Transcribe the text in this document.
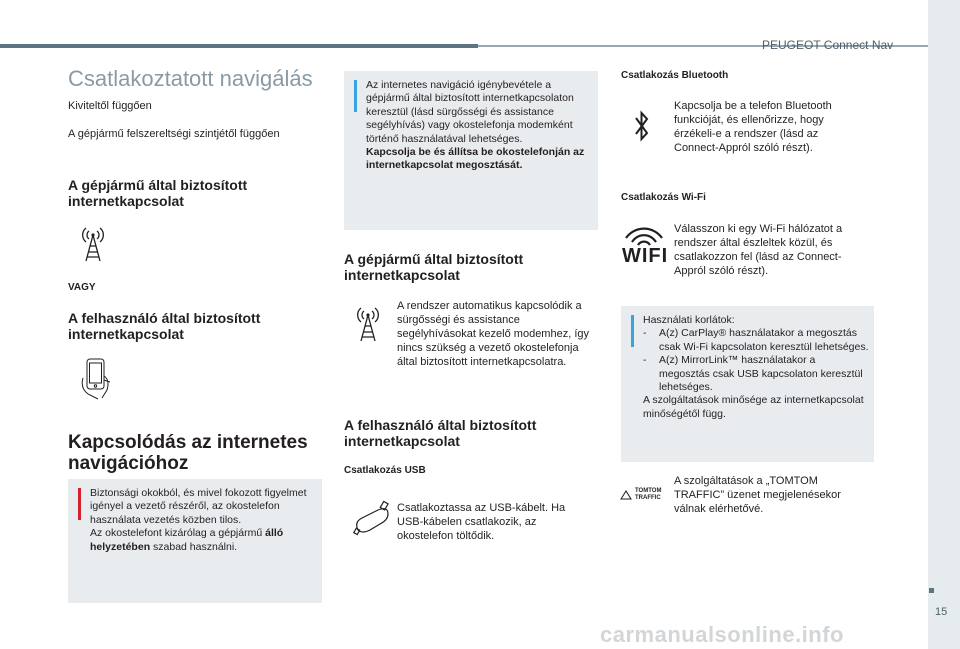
PEUGEOT Connect Nav
15
carmanualsonline.info
Csatlakoztatott navigálás
Kiviteltől függően
A gépjármű felszereltségi szintjétől függően
A gépjármű által biztosított internetkapcsolat
VAGY
A felhasználó által biztosított internetkapcsolat
Kapcsolódás az internetes navigációhoz
Biztonsági okokból, és mivel fokozott figyelmet igényel a vezető részéről, az okostelefon használata vezetés közben tilos.
Az okostelefont kizárólag a gépjármű álló helyzetében szabad használni.
Az internetes navigáció igénybevétele a gépjármű által biztosított internetkapcsolaton keresztül (lásd sürgősségi és assistance segélyhívás) vagy okostelefonja modemként történő használatával lehetséges.
Kapcsolja be és állítsa be okostelefonján az internetkapcsolat megosztását.
A gépjármű által biztosított internetkapcsolat
A rendszer automatikus kapcsolódik a sürgősségi és assistance segélyhívásokat kezelő modemhez, így nincs szükség a vezető okostelefonja által biztosított internetkapcsolatra.
A felhasználó által biztosított internetkapcsolat
Csatlakozás USB
Csatlakoztassa az USB-kábelt. Ha USB-kábelen csatlakozik, az okostelefon töltődik.
Csatlakozás Bluetooth
Kapcsolja be a telefon Bluetooth funkcióját, és ellenőrizze, hogy érzékeli-e a rendszer (lásd az Connect-Appról szóló részt).
Csatlakozás Wi-Fi
WIFI
Válasszon ki egy Wi-Fi hálózatot a rendszer által észleltek közül, és csatlakozzon fel (lásd az Connect-Appról szóló részt).
Használati korlátok:
-	A(z) CarPlay® használatakor a megosztás csak Wi-Fi kapcsolaton keresztül lehetséges.
-	A(z) MirrorLink™ használatakor a megosztás csak USB kapcsolaton keresztül lehetséges.
A szolgáltatások minősége az internetkapcsolat minőségétől függ.
TOMTOM
TRAFFIC
A szolgáltatások a „TOMTOM TRAFFIC” üzenet megjelenésekor válnak elérhetővé.
